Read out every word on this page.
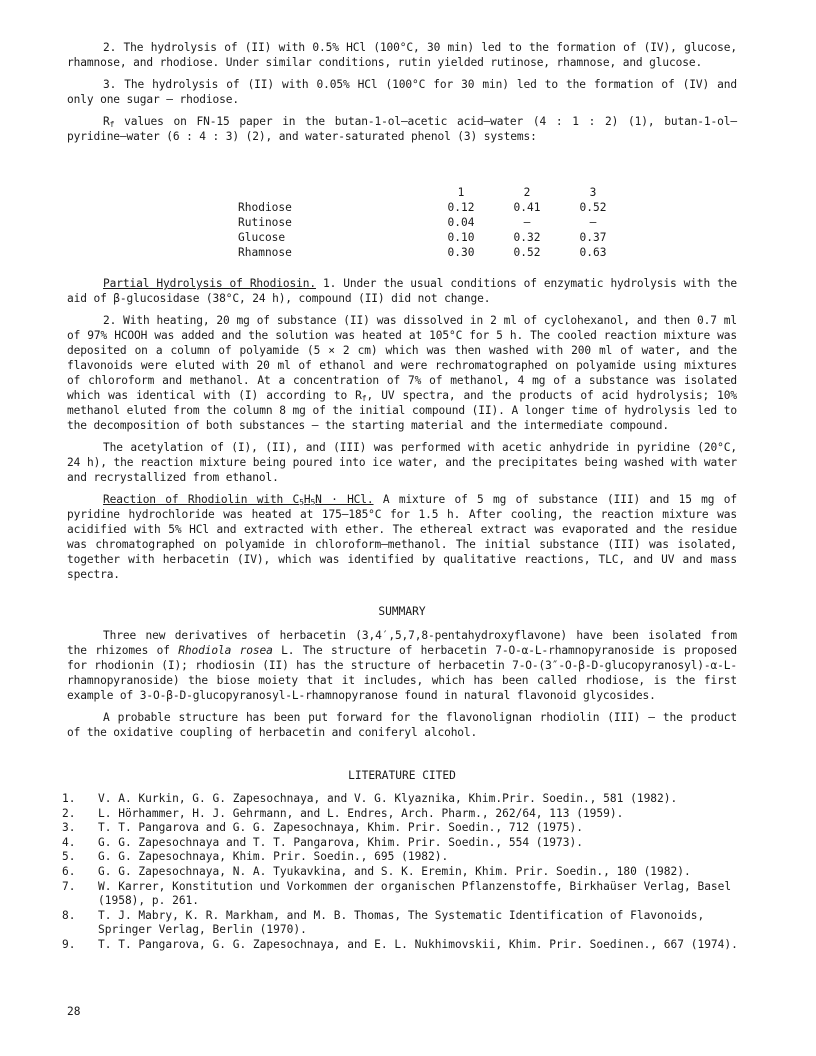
2. The hydrolysis of (II) with 0.5% HCl (100°C, 30 min) led to the formation of (IV), glucose, rhamnose, and rhodiose. Under similar conditions, rutin yielded rutinose, rhamnose, and glucose.

3. The hydrolysis of (II) with 0.05% HCl (100°C for 30 min) led to the formation of (IV) and only one sugar — rhodiose.

$R_f$ values on FN-15 paper in the butan-1-ol—acetic acid—water (4 : 1 : 2) (1), butan-1-ol—pyridine—water (6 : 4 : 3) (2), and water-saturated phenol (3) systems:

	1	2	3
Rhodiose	0.12	0.41	0.52
Rutinose	0.04	—	—
Glucose	0.10	0.32	0.37
Rhamnose	0.30	0.52	0.63

Partial Hydrolysis of Rhodiosin. 1. Under the usual conditions of enzymatic hydrolysis with the aid of β-glucosidase (38°C, 24 h), compound (II) did not change.

2. With heating, 20 mg of substance (II) was dissolved in 2 ml of cyclohexanol, and then 0.7 ml of 97% HCOOH was added and the solution was heated at 105°C for 5 h. The cooled reaction mixture was deposited on a column of polyamide (5 × 2 cm) which was then washed with 200 ml of water, and the flavonoids were eluted with 20 ml of ethanol and were rechromatographed on polyamide using mixtures of chloroform and methanol. At a concentration of 7% of methanol, 4 mg of a substance was isolated which was identical with (I) according to $R_f$, UV spectra, and the products of acid hydrolysis; 10% methanol eluted from the column 8 mg of the initial compound (II). A longer time of hydrolysis led to the decomposition of both substances — the starting material and the intermediate compound.

The acetylation of (I), (II), and (III) was performed with acetic anhydride in pyridine (20°C, 24 h), the reaction mixture being poured into ice water, and the precipitates being washed with water and recrystallized from ethanol.

Reaction of Rhodiolin with $C_5H_5N$ · HCl. A mixture of 5 mg of substance (III) and 15 mg of pyridine hydrochloride was heated at 175–185°C for 1.5 h. After cooling, the reaction mixture was acidified with 5% HCl and extracted with ether. The ethereal extract was evaporated and the residue was chromatographed on polyamide in chloroform—methanol. The initial substance (III) was isolated, together with herbacetin (IV), which was identified by qualitative reactions, TLC, and UV and mass spectra.

SUMMARY

Three new derivatives of herbacetin (3,4′,5,7,8-pentahydroxyflavone) have been isolated from the rhizomes of Rhodiola rosea L. The structure of herbacetin 7-O-α-L-rhamnopyranoside is proposed for rhodionin (I); rhodiosin (II) has the structure of herbacetin 7-O-(3″-O-β-D-glucopyranosyl)-α-L-rhamnopyranoside) the biose moiety that it includes, which has been called rhodiose, is the first example of 3-O-β-D-glucopyranosyl-L-rhamnopyranose found in natural flavonoid glycosides.

A probable structure has been put forward for the flavonolignan rhodiolin (III) — the product of the oxidative coupling of herbacetin and coniferyl alcohol.

LITERATURE CITED
1. V. A. Kurkin, G. G. Zapesochnaya, and V. G. Klyaznika, Khim.Prir. Soedin., 581 (1982).
2. L. Hörhammer, H. J. Gehrmann, and L. Endres, Arch. Pharm., 262/64, 113 (1959).
3. T. T. Pangarova and G. G. Zapesochnaya, Khim. Prir. Soedin., 712 (1975).
4. G. G. Zapesochnaya and T. T. Pangarova, Khim. Prir. Soedin., 554 (1973).
5. G. G. Zapesochnaya, Khim. Prir. Soedin., 695 (1982).
6. G. G. Zapesochnaya, N. A. Tyukavkina, and S. K. Eremin, Khim. Prir. Soedin., 180 (1982).
7. W. Karrer, Konstitution und Vorkommen der organischen Pflanzenstoffe, Birkhaüser Verlag, Basel (1958), p. 261.
8. T. J. Mabry, K. R. Markham, and M. B. Thomas, The Systematic Identification of Flavonoids, Springer Verlag, Berlin (1970).
9. T. T. Pangarova, G. G. Zapesochnaya, and E. L. Nukhimovskii, Khim. Prir. Soedinen., 667 (1974).
28
